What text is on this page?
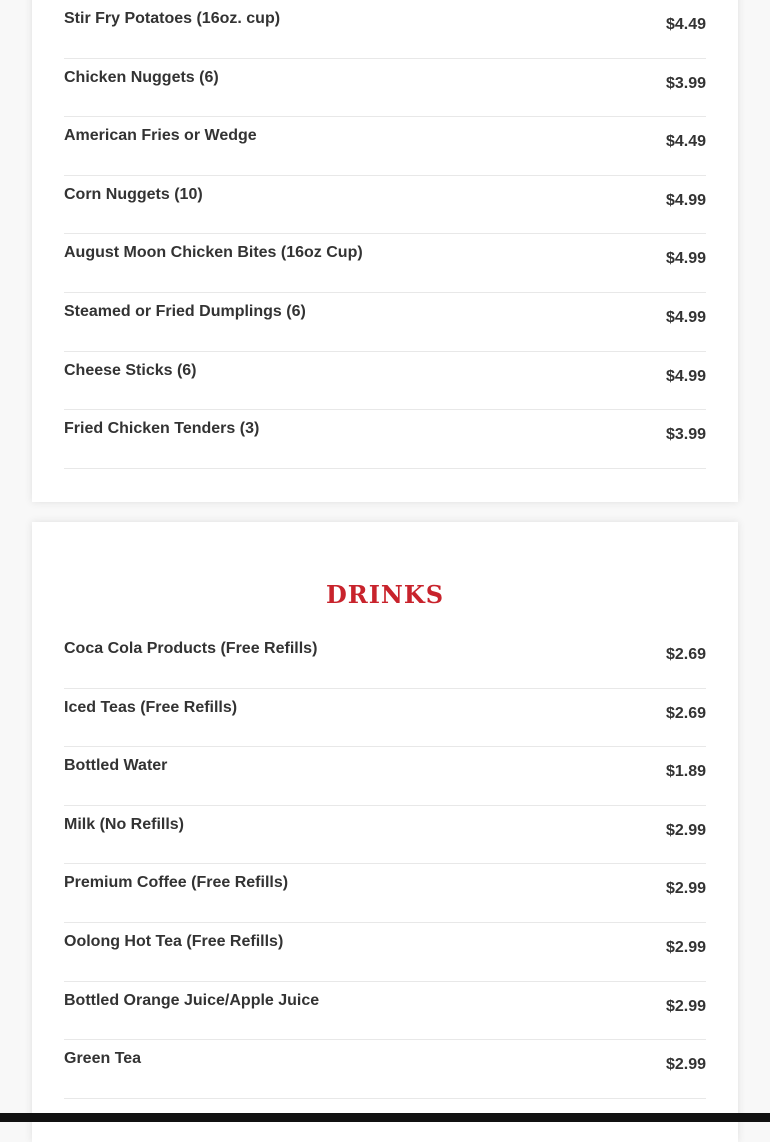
Stir Fry Potatoes (16oz. cup)	$4.49
Chicken Nuggets (6)	$3.99
American Fries or Wedge	$4.49
Corn Nuggets (10)	$4.99
August Moon Chicken Bites (16oz Cup)	$4.99
Steamed or Fried Dumplings (6)	$4.99
Cheese Sticks (6)	$4.99
Fried Chicken Tenders (3)	$3.99
DRINKS
Coca Cola Products (Free Refills)	$2.69
Iced Teas (Free Refills)	$2.69
Bottled Water	$1.89
Milk (No Refills)	$2.99
Premium Coffee (Free Refills)	$2.99
Oolong Hot Tea (Free Refills)	$2.99
Bottled Orange Juice/Apple Juice	$2.99
Green Tea	$2.99
